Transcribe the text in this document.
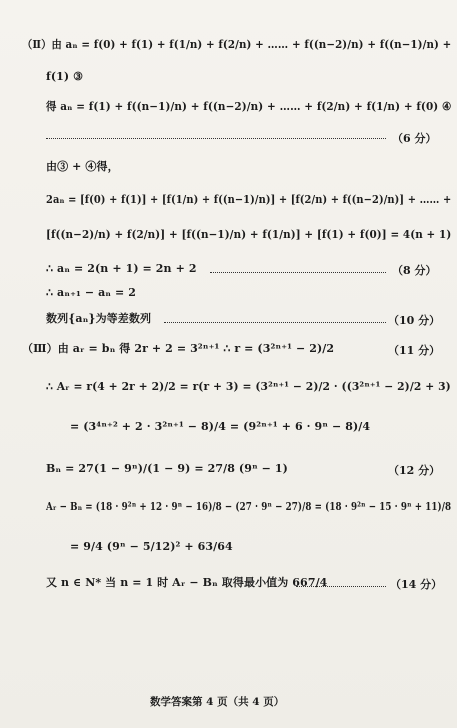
（Ⅱ）由 aₙ = f(0) + f(1) + f(1/n) + f(2/n) + …… + f((n−2)/n) + f((n−1)/n) +
f(1) ③
得 aₙ = f(1) + f((n−1)/n) + f((n−2)/n) + …… + f(2/n) + f(1/n) + f(0) ④
（6 分）
由③ + ④得，
2aₙ = [f(0) + f(1)] + [f(1/n) + f((n−1)/n)] + [f(2/n) + f((n−2)/n)] + …… +
[f((n−2)/n) + f(2/n)] + [f((n−1)/n) + f(1/n)] + [f(1) + f(0)] = 4(n + 1)
∴ aₙ = 2(n + 1) = 2n + 2	（8 分）
∴ aₙ₊₁ − aₙ = 2
数列{aₙ}为等差数列	（10 分）
（Ⅲ）由 aᵣ = bₙ 得 2r + 2 = 3²ⁿ⁺¹ ∴ r = (3²ⁿ⁺¹ − 2)/2	（11 分）
∴ Aᵣ = r(4 + 2r + 2)/2 = r(r + 3) = (3²ⁿ⁺¹ − 2)/2 · ((3²ⁿ⁺¹ − 2)/2 + 3)
= (3⁴ⁿ⁺² + 2 · 3²ⁿ⁺¹ − 8)/4 = (9²ⁿ⁺¹ + 6 · 9ⁿ − 8)/4
Bₙ = 27(1 − 9ⁿ)/(1 − 9) = 27/8 (9ⁿ − 1)	（12 分）
Aᵣ − Bₙ = (18 · 9²ⁿ + 12 · 9ⁿ − 16)/8 − (27 · 9ⁿ − 27)/8 = (18 · 9²ⁿ − 15 · 9ⁿ + 11)/8
= 9/4 (9ⁿ − 5/12)² + 63/64
又 n ∈ N* 当 n = 1 时 Aᵣ − Bₙ 取得最小值为 667/4	（14 分）
数学答案第 4 页（共 4 页）
